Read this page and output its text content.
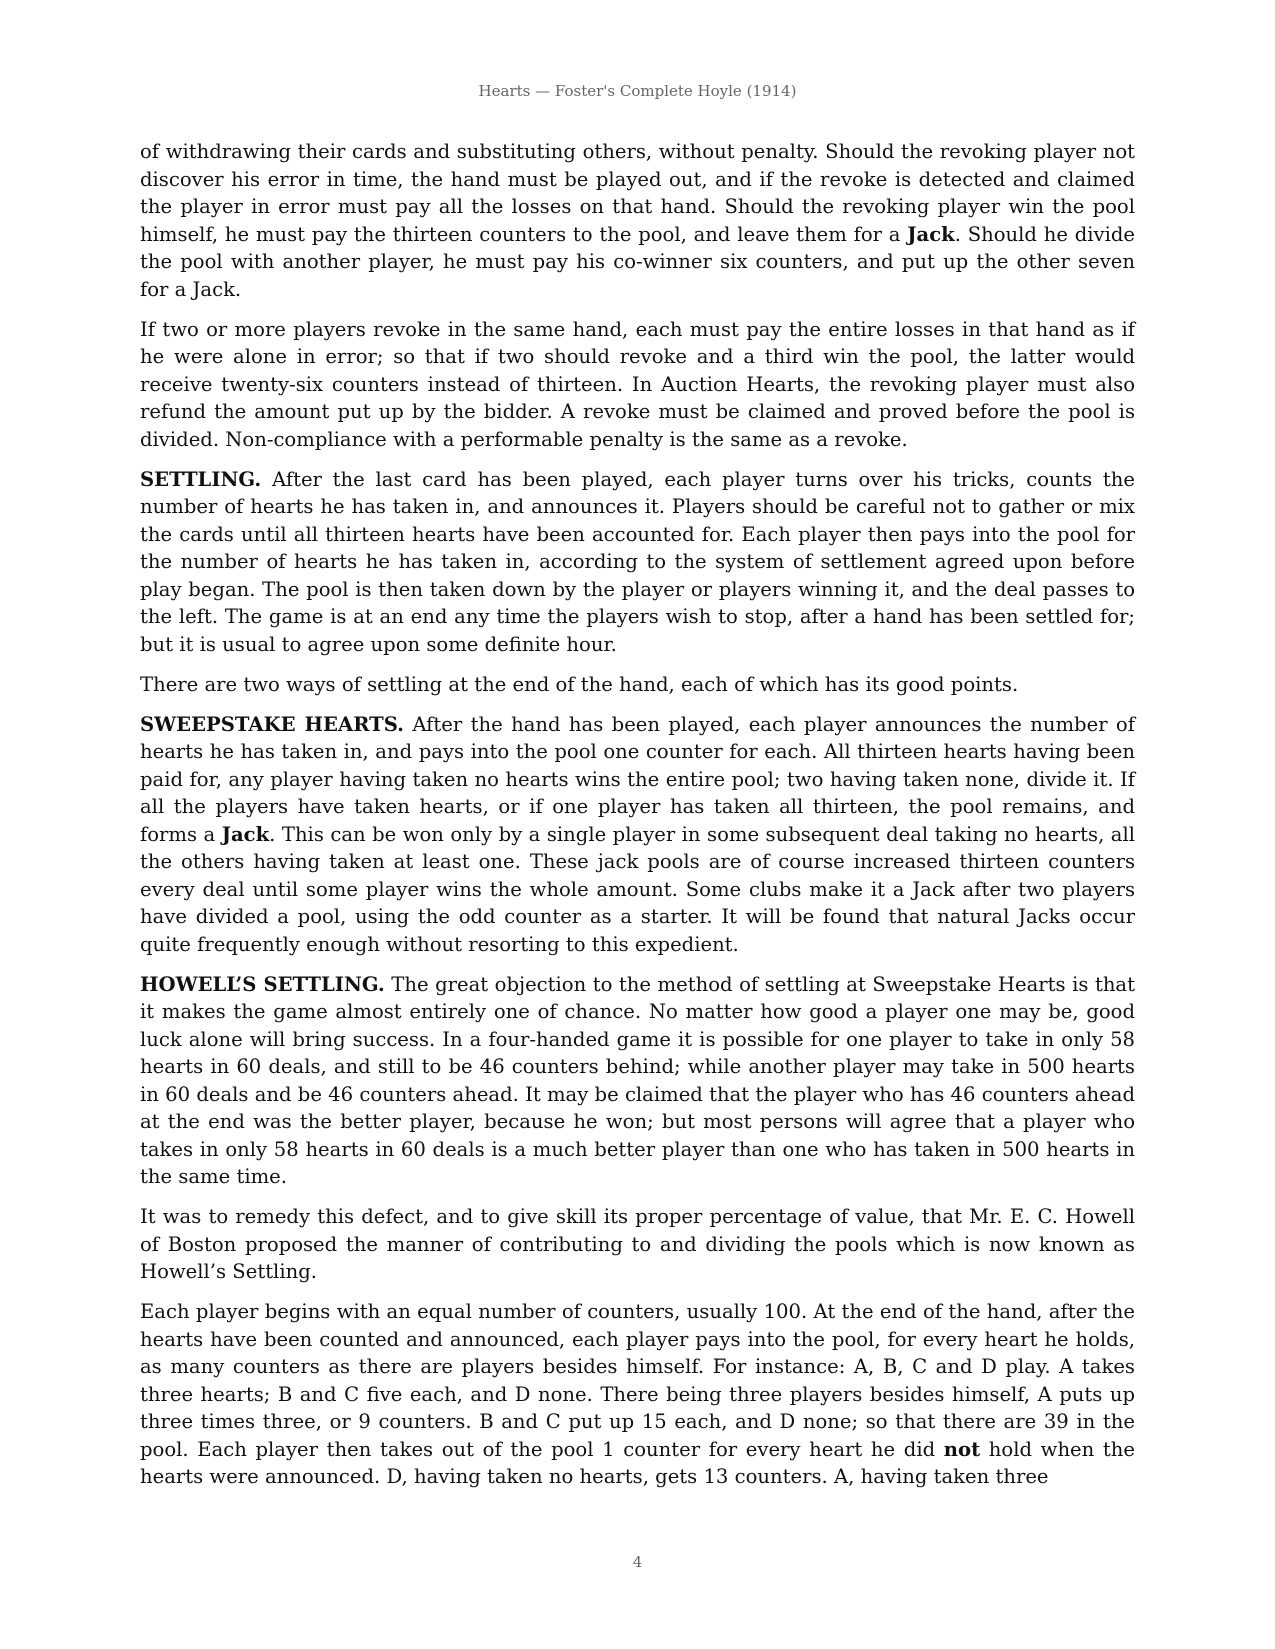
Hearts — Foster's Complete Hoyle (1914)

of withdrawing their cards and substituting others, without penalty. Should the revoking player not discover his error in time, the hand must be played out, and if the revoke is detected and claimed the player in error must pay all the losses on that hand. Should the revoking player win the pool himself, he must pay the thirteen counters to the pool, and leave them for a Jack. Should he divide the pool with another player, he must pay his co-winner six counters, and put up the other seven for a Jack.

If two or more players revoke in the same hand, each must pay the entire losses in that hand as if he were alone in error; so that if two should revoke and a third win the pool, the latter would receive twenty-six counters instead of thirteen. In Auction Hearts, the revoking player must also refund the amount put up by the bidder. A revoke must be claimed and proved before the pool is divided. Non-compliance with a performable penalty is the same as a revoke.

SETTLING. After the last card has been played, each player turns over his tricks, counts the number of hearts he has taken in, and announces it. Players should be careful not to gather or mix the cards until all thirteen hearts have been accounted for. Each player then pays into the pool for the number of hearts he has taken in, according to the system of settlement agreed upon before play began. The pool is then taken down by the player or players winning it, and the deal passes to the left. The game is at an end any time the players wish to stop, after a hand has been settled for; but it is usual to agree upon some definite hour.

There are two ways of settling at the end of the hand, each of which has its good points.

SWEEPSTAKE HEARTS. After the hand has been played, each player announces the number of hearts he has taken in, and pays into the pool one counter for each. All thirteen hearts having been paid for, any player having taken no hearts wins the entire pool; two having taken none, divide it. If all the players have taken hearts, or if one player has taken all thirteen, the pool remains, and forms a Jack. This can be won only by a single player in some subsequent deal taking no hearts, all the others having taken at least one. These jack pools are of course increased thirteen counters every deal until some player wins the whole amount. Some clubs make it a Jack after two players have divided a pool, using the odd counter as a starter. It will be found that natural Jacks occur quite frequently enough without resorting to this expedient.

HOWELL’S SETTLING. The great objection to the method of settling at Sweepstake Hearts is that it makes the game almost entirely one of chance. No matter how good a player one may be, good luck alone will bring success. In a four-handed game it is possible for one player to take in only 58 hearts in 60 deals, and still to be 46 counters behind; while another player may take in 500 hearts in 60 deals and be 46 counters ahead. It may be claimed that the player who has 46 counters ahead at the end was the better player, because he won; but most persons will agree that a player who takes in only 58 hearts in 60 deals is a much better player than one who has taken in 500 hearts in the same time.

It was to remedy this defect, and to give skill its proper percentage of value, that Mr. E. C. Howell of Boston proposed the manner of contributing to and dividing the pools which is now known as Howell’s Settling.

Each player begins with an equal number of counters, usually 100. At the end of the hand, after the hearts have been counted and announced, each player pays into the pool, for every heart he holds, as many counters as there are players besides himself. For instance: A, B, C and D play. A takes three hearts; B and C five each, and D none. There being three players besides himself, A puts up three times three, or 9 counters. B and C put up 15 each, and D none; so that there are 39 in the pool. Each player then takes out of the pool 1 counter for every heart he did not hold when the hearts were announced. D, having taken no hearts, gets 13 counters. A, having taken three

4
